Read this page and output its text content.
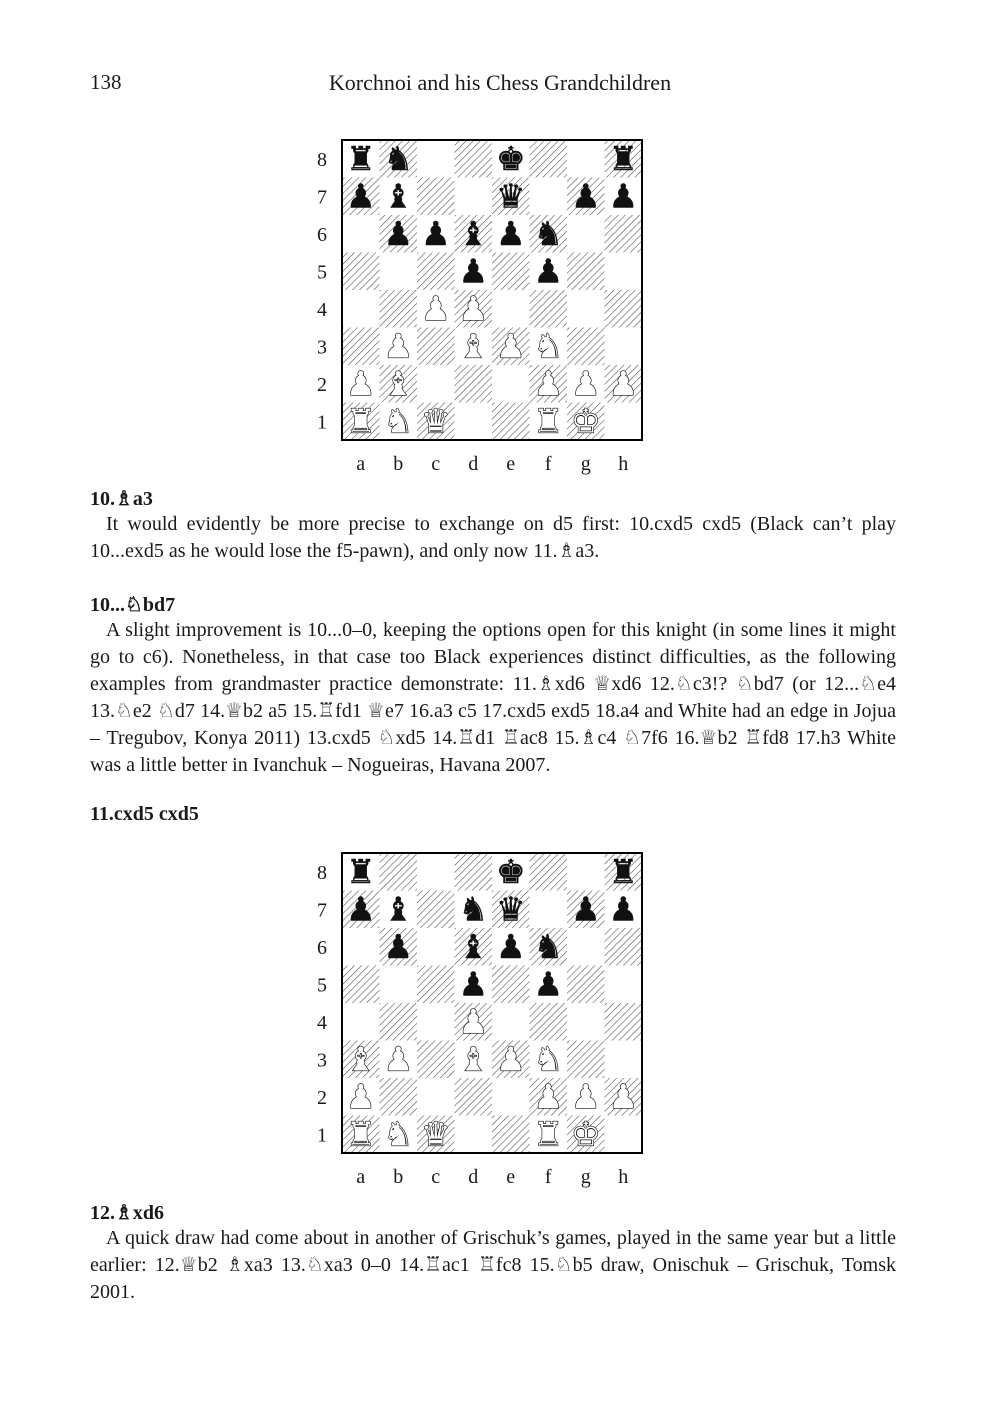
138	Korchnoi and his Chess Grandchildren
8
7
6
5
4
3
2
1
a b c d e f g h
♜ ♞	♚	♜
♟ ♝	♛ ♟ ♟
♟ ♟ ♝ ♟ ♞
♟ ♟
♟ ♟
♟ ♝ ♟ ♞
♟ ♝	♟ ♟ ♟
♜ ♞ ♛	♜ ♚
10.♗a3
It would evidently be more precise to exchange on d5 first: 10.cxd5 cxd5 (Black can’t play 10...exd5 as he would lose the f5-pawn), and only now 11.♗a3.
10...♘bd7
A slight improvement is 10...0–0, keeping the options open for this knight (in some lines it might go to c6). Nonetheless, in that case too Black experiences distinct difficulties, as the following examples from grandmaster practice demonstrate: 11.♗xd6 ♕xd6 12.♘c3!? ♘bd7 (or 12...♘e4 13.♘e2 ♘d7 14.♕b2 a5 15.♖fd1 ♕e7 16.a3 c5 17.cxd5 exd5 18.a4 and White had an edge in Jojua – Tregubov, Konya 2011) 13.cxd5 ♘xd5 14.♖d1 ♖ac8 15.♗c4 ♘7f6 16.♕b2 ♖fd8 17.h3 White was a little better in Ivanchuk – Nogueiras, Havana 2007.
11.cxd5 cxd5
8
7
6
5
4
3
2
1
a b c d e f g h
♜	♚	♜
♟ ♝ ♞ ♛ ♟ ♟
♟ ♝ ♟ ♞
♟ ♟
♟
♝ ♟ ♝ ♟ ♞
♟	♟ ♟ ♟
♜ ♞ ♛	♜ ♚
12.♗xd6
A quick draw had come about in another of Grischuk’s games, played in the same year but a little earlier: 12.♕b2 ♗xa3 13.♘xa3 0–0 14.♖ac1 ♖fc8 15.♘b5 draw, Onischuk – Grischuk, Tomsk 2001.
